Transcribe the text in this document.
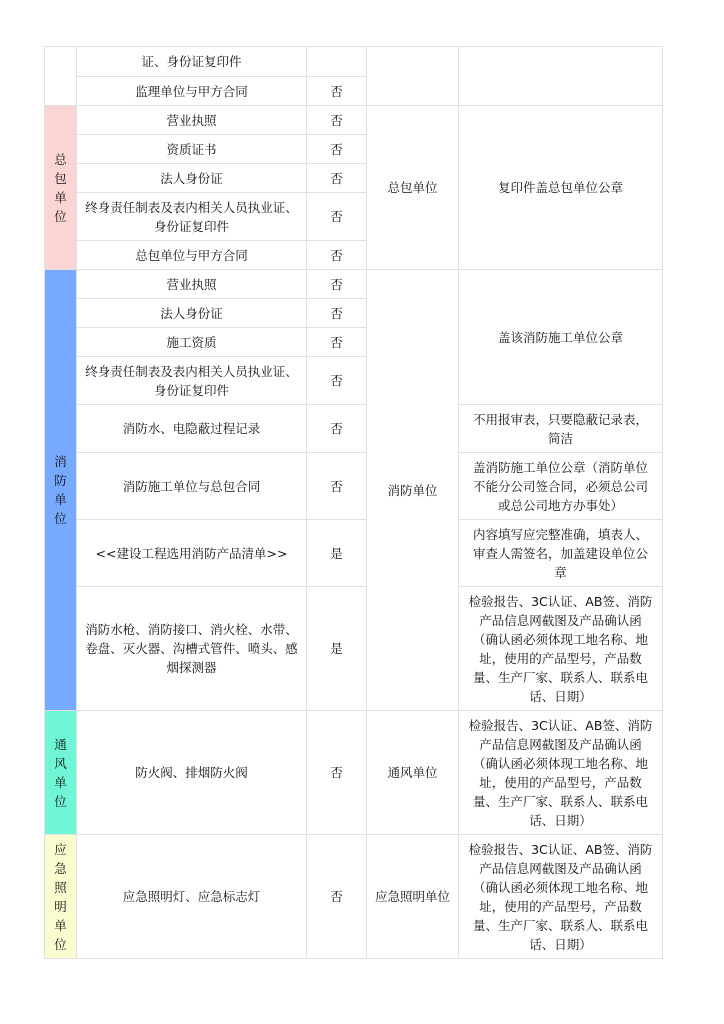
	证、身份证复印件			
	监理单位与甲方合同	否		

总包单位	营业执照	否	总包单位	复印件盖总包单位公章
	资质证书	否		
	法人身份证	否		
	终身责任制表及表内相关人员执业证、身份证复印件	否		
	总包单位与甲方合同	否		

消防单位	营业执照	否	消防单位	盖该消防施工单位公章
	法人身份证	否		
	施工资质	否		
	终身责任制表及表内相关人员执业证、身份证复印件	否		
	消防水、电隐蔽过程记录	否		不用报审表，只要隐蔽记录表，简洁
	消防施工单位与总包合同	否		盖消防施工单位公章（消防单位不能分公司签合同，必须总公司或总公司地方办事处）
	<<建设工程选用消防产品清单>>	是		内容填写应完整准确，填表人、审查人需签名，加盖建设单位公章
	消防水枪、消防接口、消火栓、水带、卷盘、灭火器、沟槽式管件、喷头、感烟探测器	是		检验报告、3C认证、AB签、消防产品信息网截图及产品确认函（确认函必须体现工地名称、地址，使用的产品型号，产品数量、生产厂家、联系人、联系电话、日期）

通风单位	防火阀、排烟防火阀	否	通风单位	检验报告、3C认证、AB签、消防产品信息网截图及产品确认函（确认函必须体现工地名称、地址，使用的产品型号，产品数量、生产厂家、联系人、联系电话、日期）

应急照明单位	应急照明灯、应急标志灯	否	应急照明单位	检验报告、3C认证、AB签、消防产品信息网截图及产品确认函（确认函必须体现工地名称、地址，使用的产品型号，产品数量、生产厂家、联系人、联系电话、日期）
